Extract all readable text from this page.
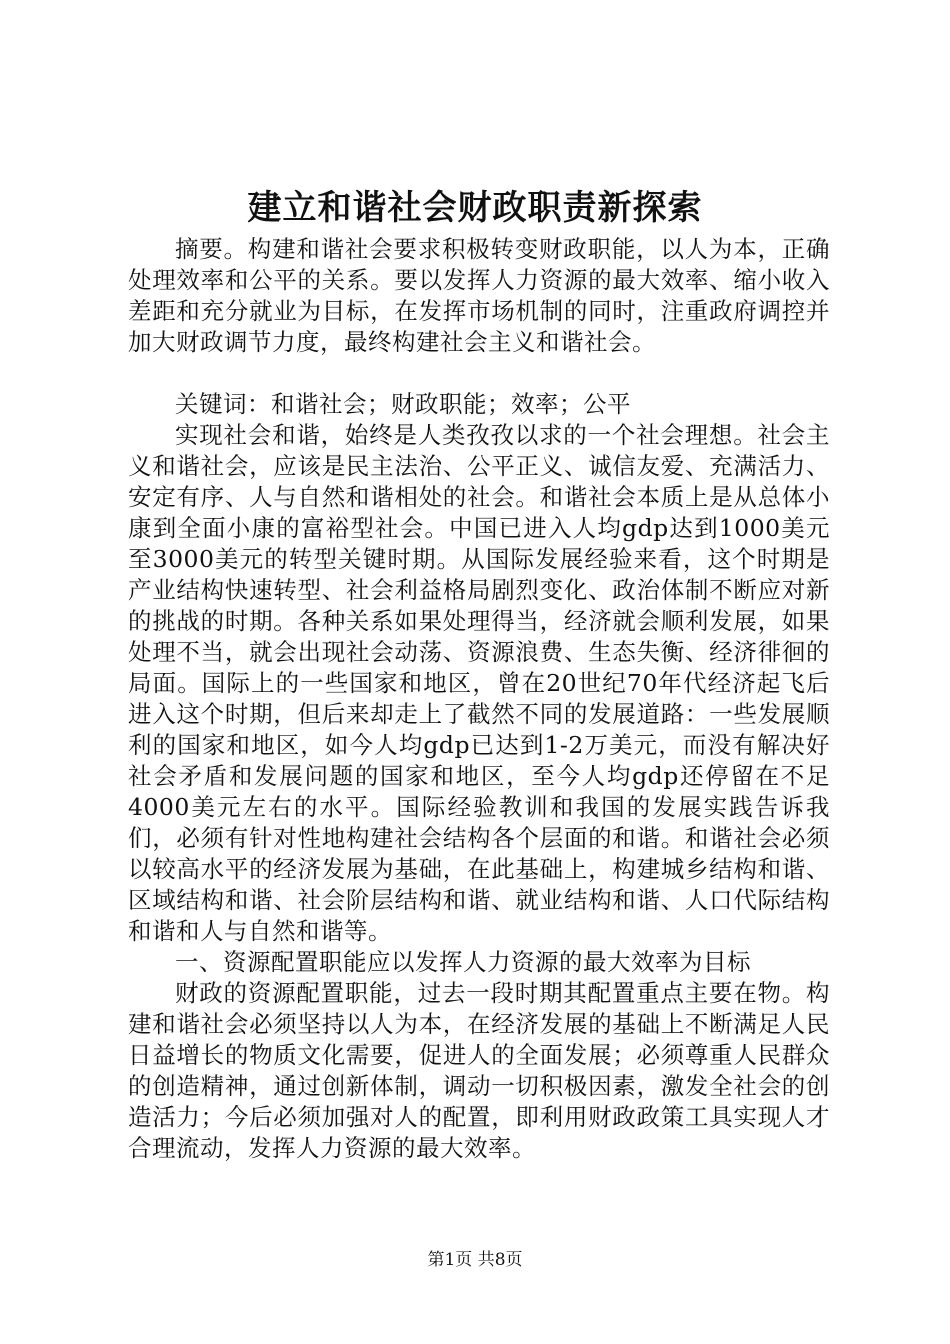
建立和谐社会财政职责新探索

摘要。构建和谐社会要求积极转变财政职能，以人为本，正确处理效率和公平的关系。要以发挥人力资源的最大效率、缩小收入差距和充分就业为目标，在发挥市场机制的同时，注重政府调控并加大财政调节力度，最终构建社会主义和谐社会。

关键词：和谐社会；财政职能；效率；公平

实现社会和谐，始终是人类孜孜以求的一个社会理想。社会主义和谐社会，应该是民主法治、公平正义、诚信友爱、充满活力、安定有序、人与自然和谐相处的社会。和谐社会本质上是从总体小康到全面小康的富裕型社会。中国已进入人均gdp达到1000美元至3000美元的转型关键时期。从国际发展经验来看，这个时期是产业结构快速转型、社会利益格局剧烈变化、政治体制不断应对新的挑战的时期。各种关系如果处理得当，经济就会顺利发展，如果处理不当，就会出现社会动荡、资源浪费、生态失衡、经济徘徊的局面。国际上的一些国家和地区，曾在20世纪70年代经济起飞后进入这个时期，但后来却走上了截然不同的发展道路：一些发展顺利的国家和地区，如今人均gdp已达到1-2万美元，而没有解决好社会矛盾和发展问题的国家和地区，至今人均gdp还停留在不足4000美元左右的水平。国际经验教训和我国的发展实践告诉我们，必须有针对性地构建社会结构各个层面的和谐。和谐社会必须以较高水平的经济发展为基础，在此基础上，构建城乡结构和谐、区域结构和谐、社会阶层结构和谐、就业结构和谐、人口代际结构和谐和人与自然和谐等。

一、资源配置职能应以发挥人力资源的最大效率为目标

财政的资源配置职能，过去一段时期其配置重点主要在物。构建和谐社会必须坚持以人为本，在经济发展的基础上不断满足人民日益增长的物质文化需要，促进人的全面发展；必须尊重人民群众的创造精神，通过创新体制，调动一切积极因素，激发全社会的创造活力；今后必须加强对人的配置，即利用财政政策工具实现人才合理流动，发挥人力资源的最大效率。

第1页 共8页
